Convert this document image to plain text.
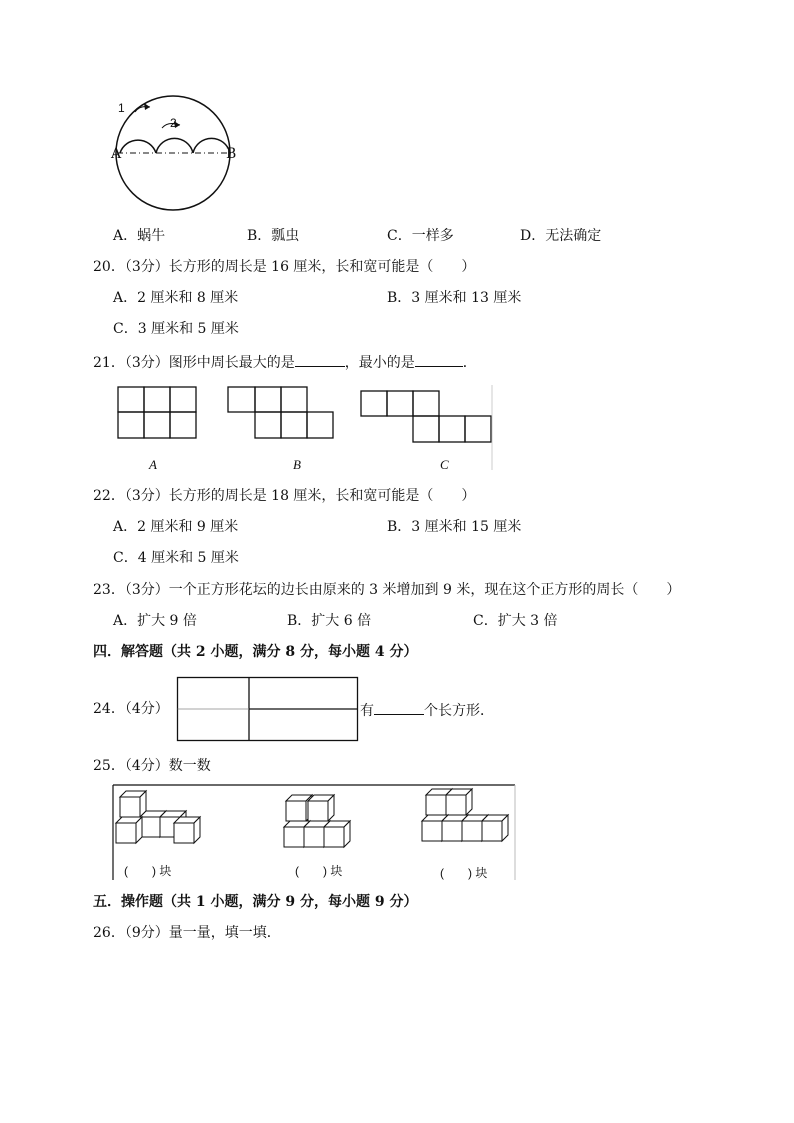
1
2
A	B
A．蜗牛	B．瓢虫	C．一样多	D．无法确定
20．（3分）长方形的周长是 16 厘米，长和宽可能是（　　）
A．2 厘米和 8 厘米	B．3 厘米和 13 厘米
C．3 厘米和 5 厘米
21．（3分）图形中周长最大的是	，最小的是	．
A	B	C
22．（3分）长方形的周长是 18 厘米，长和宽可能是（　　）
A．2 厘米和 9 厘米	B．3 厘米和 15 厘米
C．4 厘米和 5 厘米
23．（3分）一个正方形花坛的边长由原来的 3 米增加到 9 米，现在这个正方形的周长（　　）
A．扩大 9 倍	B．扩大 6 倍	C．扩大 3 倍
四．解答题（共 2 小题，满分 8 分，每小题 4 分）
24．（4分）	有	个长方形．
25．（4分）数一数
(　　) 块	(　　) 块	(　　) 块
五．操作题（共 1 小题，满分 9 分，每小题 9 分）
26．（9分）量一量，填一填．
